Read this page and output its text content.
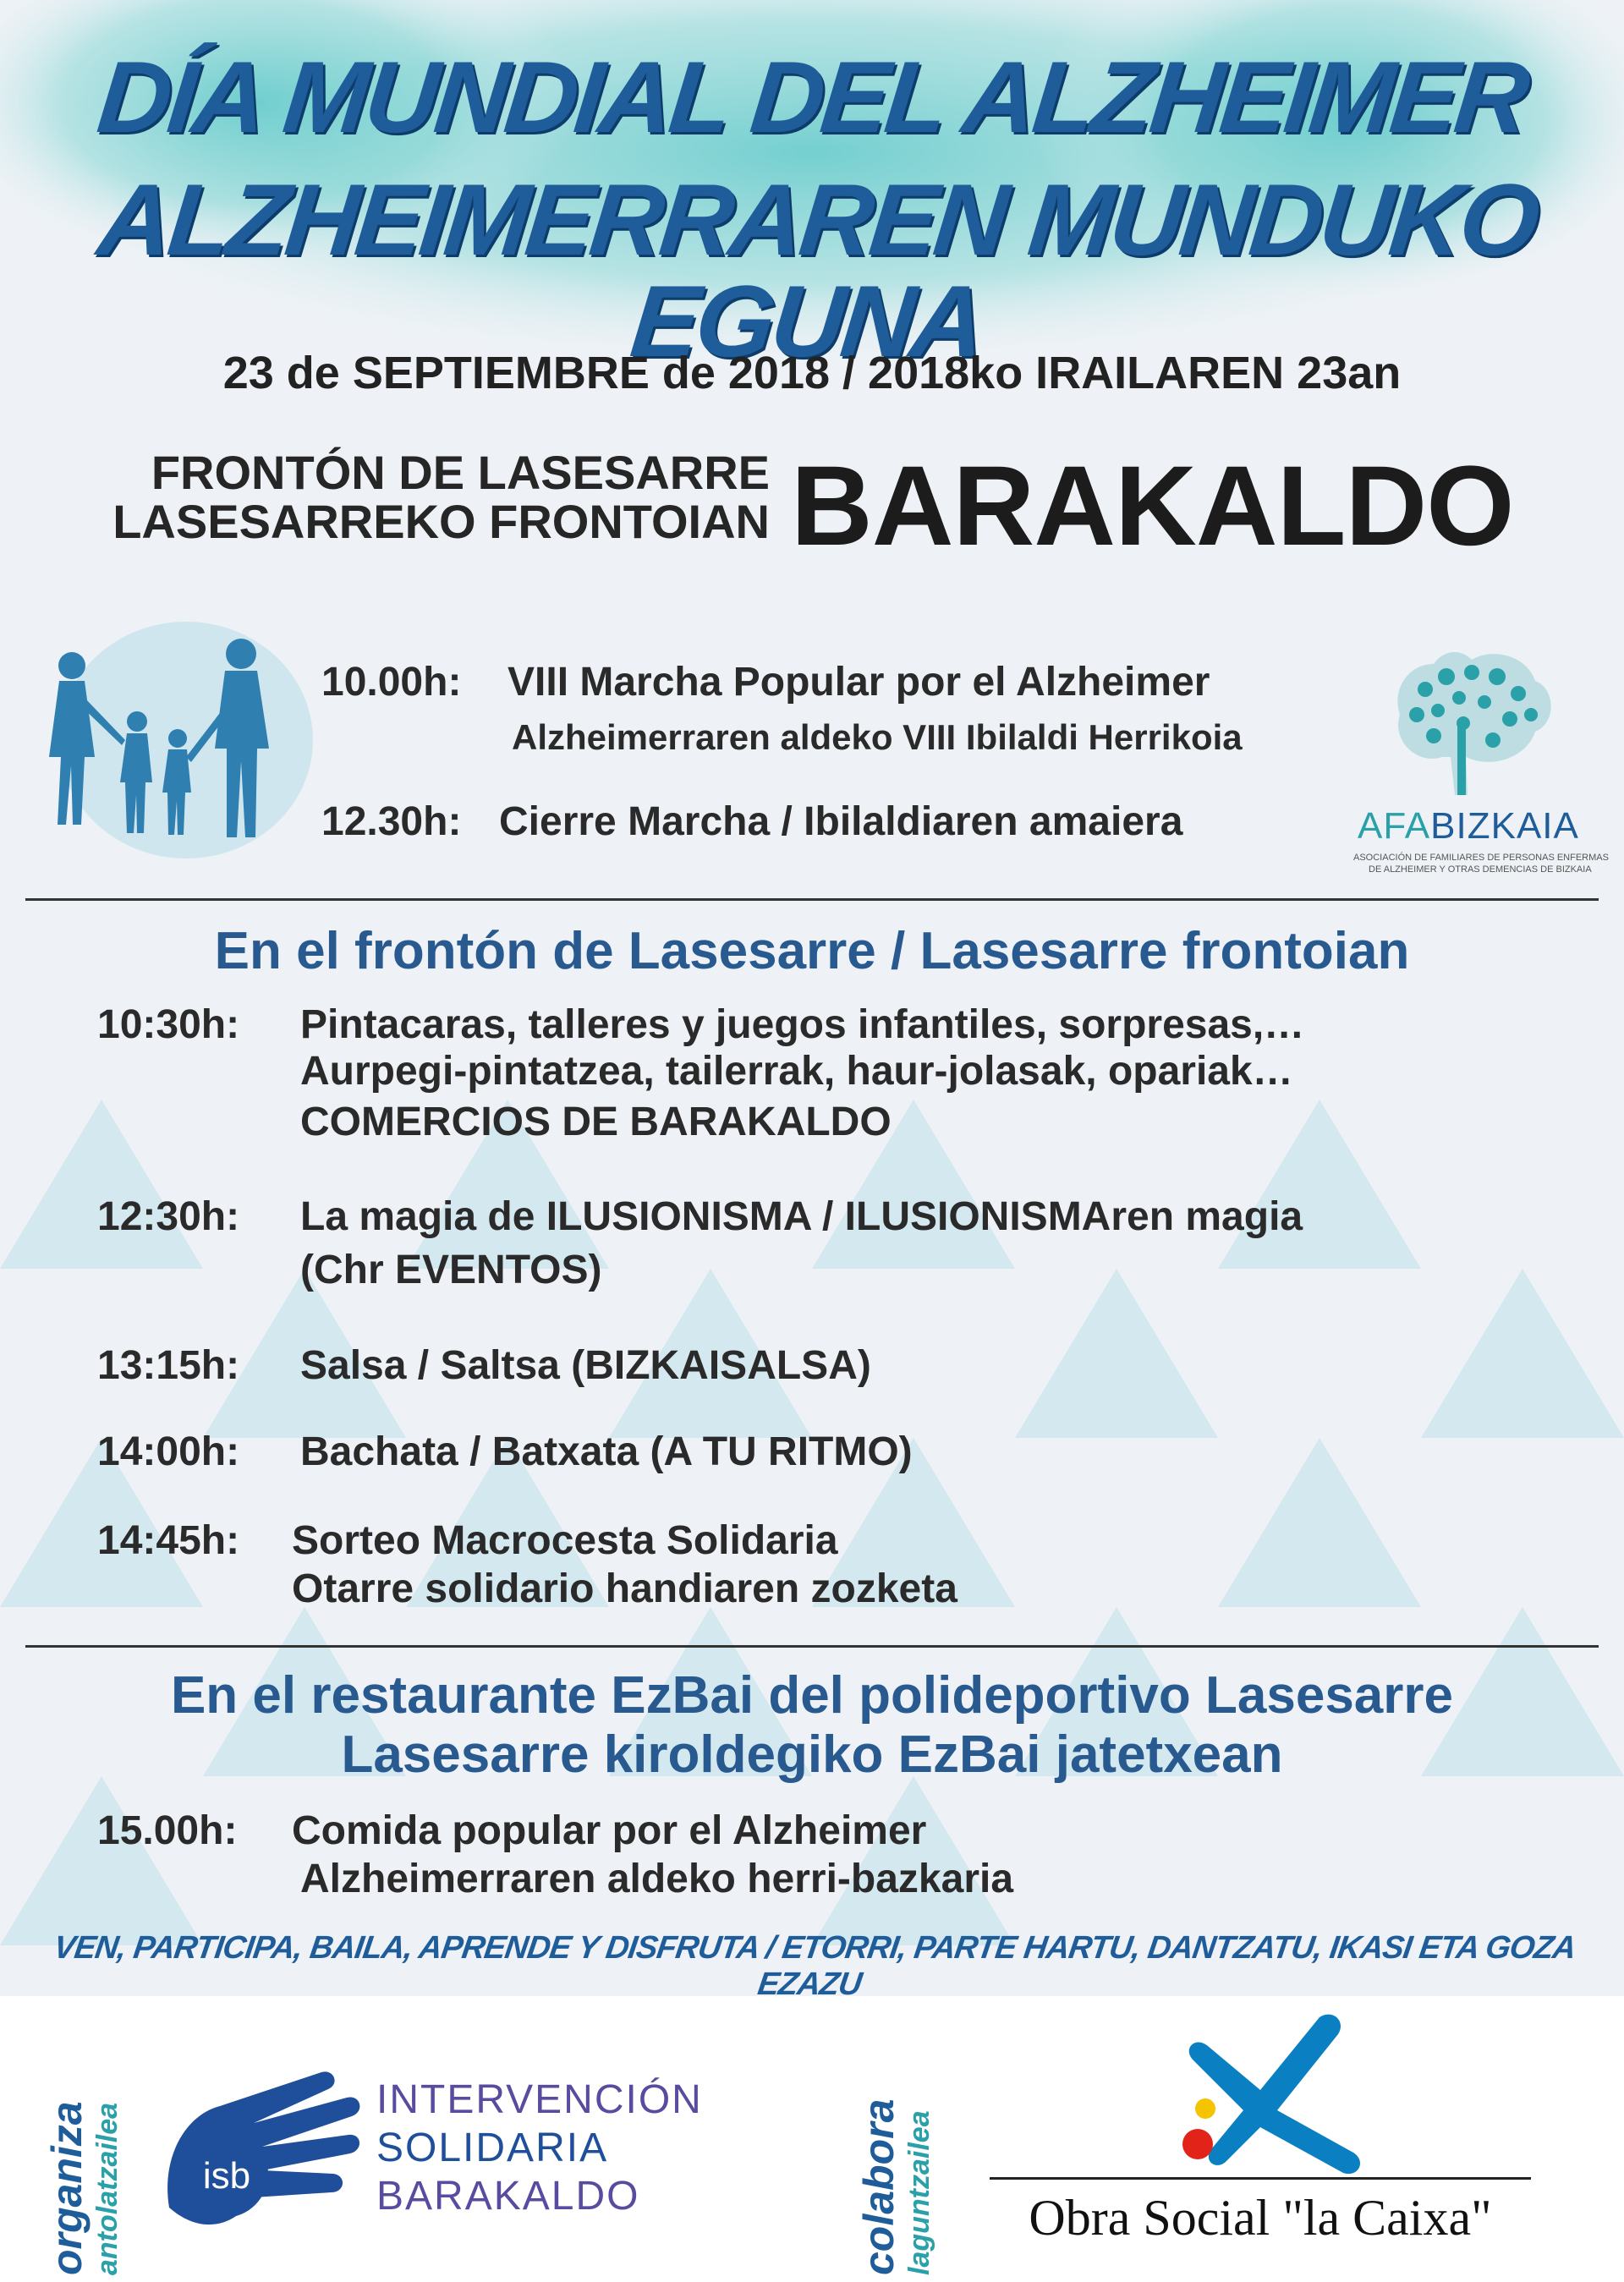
DÍA MUNDIAL DEL ALZHEIMER
ALZHEIMERRAREN MUNDUKO EGUNA
23 de SEPTIEMBRE de 2018 / 2018ko IRAILAREN 23an
FRONTÓN DE LASESARRE
LASESARREKO FRONTOIAN BARAKALDO
10.00h: VIII Marcha Popular por el Alzheimer
Alzheimerraren aldeko VIII Ibilaldi Herrikoia
12.30h: Cierre Marcha / Ibilaldiaren amaiera	AFABIZKAIA
ASOCIACIÓN DE FAMILIARES DE PERSONAS ENFERMAS
DE ALZHEIMER Y OTRAS DEMENCIAS DE BIZKAIA
En el frontón de Lasesarre / Lasesarre frontoian
10:30h: Pintacaras, talleres y juegos infantiles, sorpresas,…
Aurpegi-pintatzea, tailerrak, haur-jolasak, opariak…
COMERCIOS DE BARAKALDO
12:30h: La magia de ILUSIONISMA / ILUSIONISMAren magia
(Chr EVENTOS)
13:15h: Salsa / Saltsa (BIZKAISALSA)
14:00h: Bachata / Batxata (A TU RITMO)
14:45h: Sorteo Macrocesta Solidaria
Otarre solidario handiaren zozketa
En el restaurante EzBai del polideportivo Lasesarre
Lasesarre kiroldegiko EzBai jatetxean
15.00h: Comida popular por el Alzheimer
Alzheimerraren aldeko herri-bazkaria
VEN, PARTICIPA, BAILA, APRENDE Y DISFRUTA / ETORRI, PARTE HARTU, DANTZATU, IKASI ETA GOZA EZAZU
organiza antolatzailea	isb
INTERVENCIÓN
SOLIDARIA
BARAKALDO	colabora laguntzailea	Obra Social "la Caixa"
